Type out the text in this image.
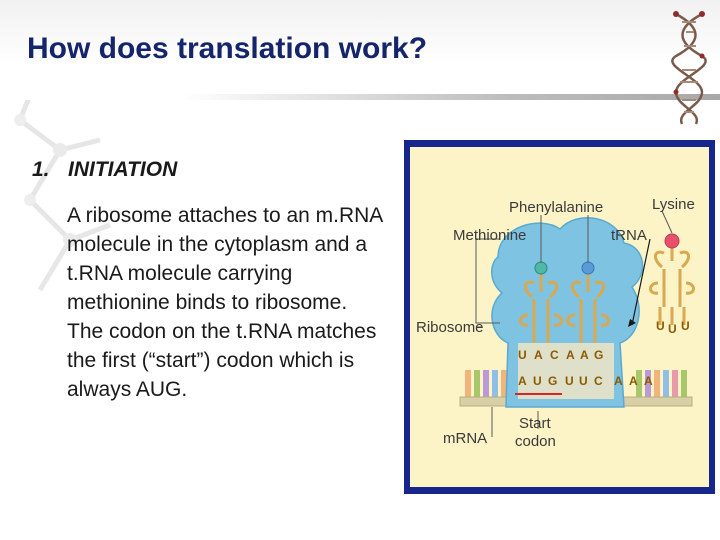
How does translation work?
1. INITIATION
A ribosome attaches to an m.RNA molecule in the cytoplasm and a t.RNA molecule carrying methionine binds to ribosome. The codon on the t.RNA matches the first (“start”) codon which is always AUG.
U A C A A G
U U U
A U G U U C A A A
Phenylalanine	Lysine
Methionine	tRNA
Ribosome
mRNA
Start
codon
